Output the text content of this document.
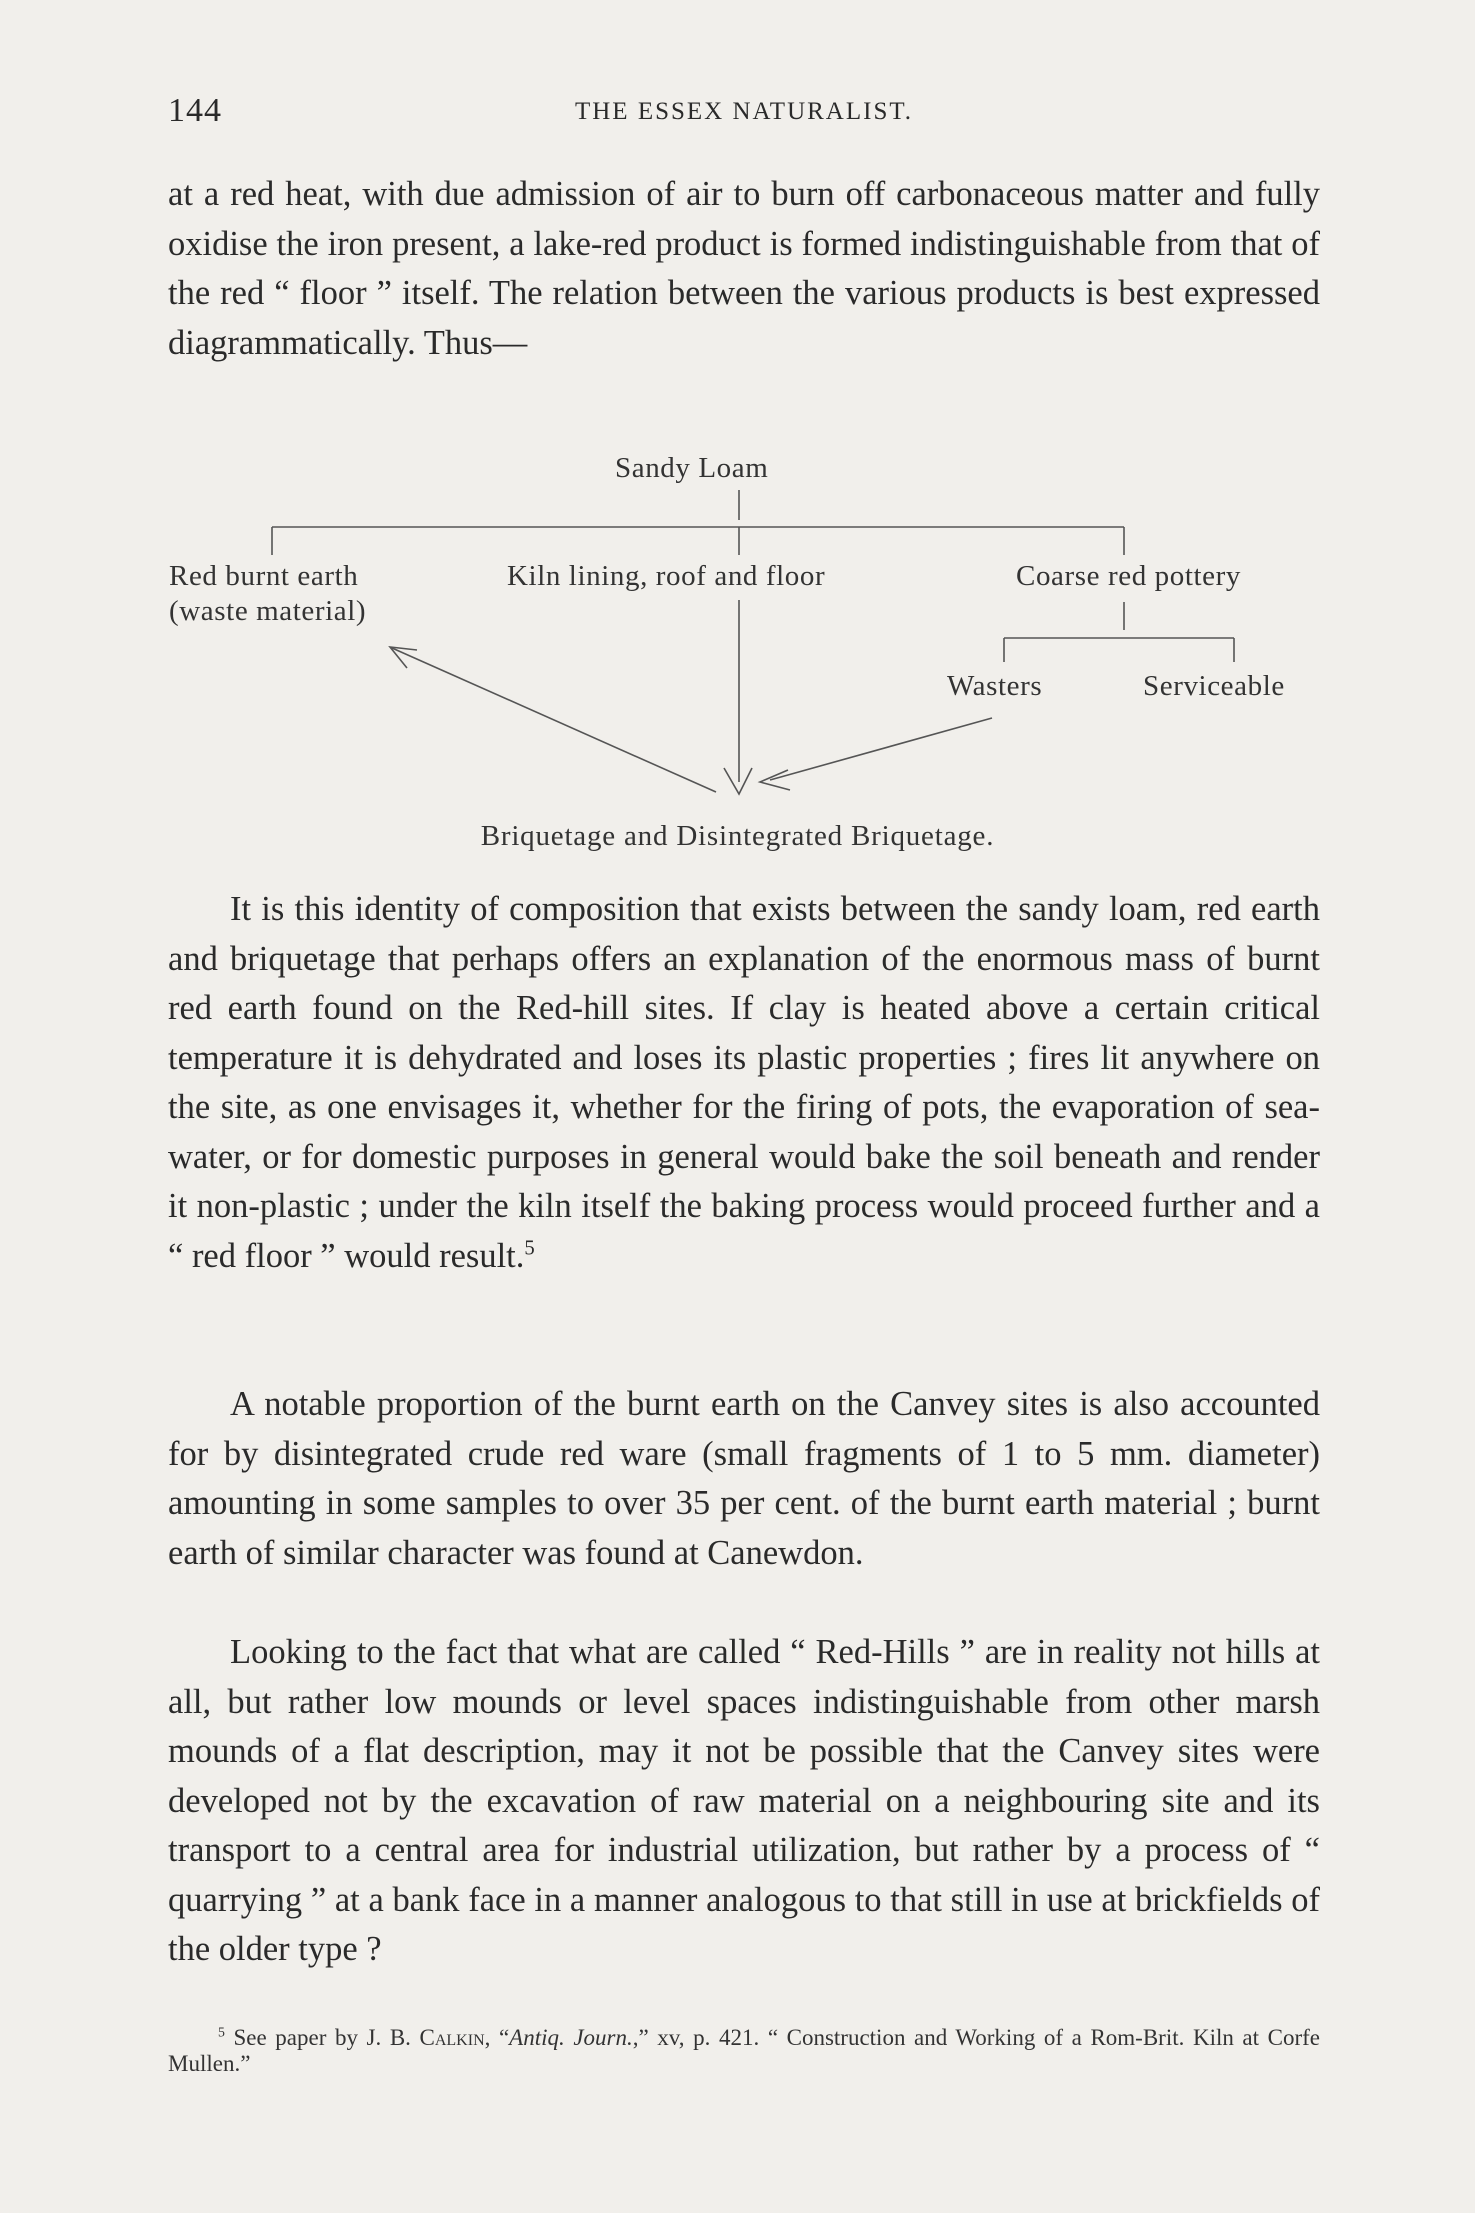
144	THE ESSEX NATURALIST.

at a red heat, with due admission of air to burn off carbonaceous matter and fully oxidise the iron present, a lake-red product is formed indistinguishable from that of the red “ floor ” itself. The relation between the various products is best expressed diagrammatically. Thus—

Sandy Loam
Red burnt earth
(waste material)
Kiln lining, roof and floor	Coarse red pottery
Wasters	Serviceable
Briquetage and Disintegrated Briquetage.

It is this identity of composition that exists between the sandy loam, red earth and briquetage that perhaps offers an explanation of the enormous mass of burnt red earth found on the Red-hill sites. If clay is heated above a certain critical temperature it is dehydrated and loses its plastic properties ; fires lit anywhere on the site, as one envisages it, whether for the firing of pots, the evaporation of sea-water, or for domestic purposes in general would bake the soil beneath and render it non-plastic ; under the kiln itself the baking process would proceed further and a “ red floor ” would result.$^5$

A notable proportion of the burnt earth on the Canvey sites is also accounted for by disintegrated crude red ware (small fragments of 1 to 5 mm. diameter) amounting in some samples to over 35 per cent. of the burnt earth material ; burnt earth of similar character was found at Canewdon.

Looking to the fact that what are called “ Red-Hills ” are in reality not hills at all, but rather low mounds or level spaces indistinguishable from other marsh mounds of a flat description, may it not be possible that the Canvey sites were developed not by the excavation of raw material on a neighbouring site and its transport to a central area for industrial utilization, but rather by a process of “ quarrying ” at a bank face in a manner analogous to that still in use at brickfields of the older type ?

$^5$ See paper by J. B. Calkin, “Antiq. Journ.,” xv, p. 421. “ Construction and Working of a Rom-Brit. Kiln at Corfe Mullen.”
